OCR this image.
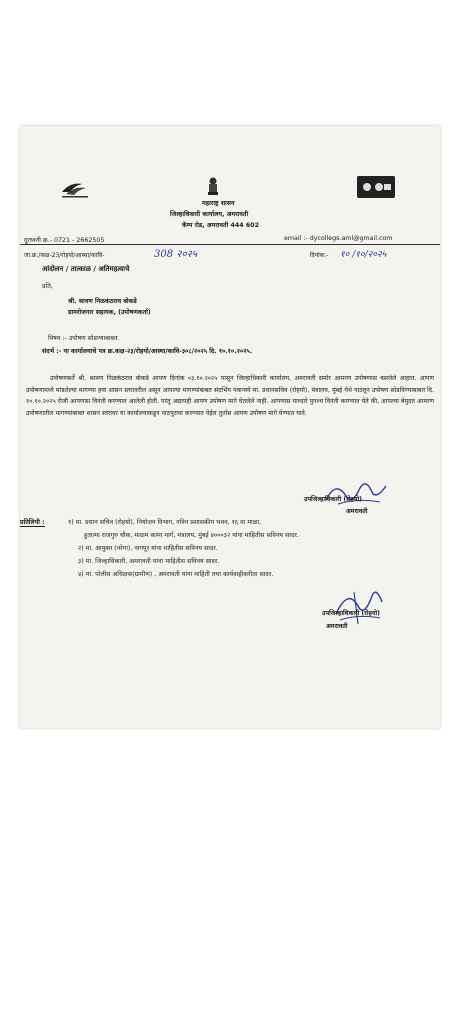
महाराष्ट्र शासन
जिल्हाधिकारी कार्यालय, अमरावती
कॅम्प रोड, अमरावती 444 602
दुरध्वनी क्र.- 0721 - 2662505	email :- dycollegs.aml@gmail.com
जा.क्र./कक्ष-23/रोहयो/आस्था/कावि-	308 २०२५	दिनांक:- १० /१०/२०२५
आंदोलन / तात्काळ / अतिमहत्वाचे
प्रति,
श्री. श्रावण निळकंठराव बोकडे
ग्रामरोजगार सहायक, (उपोषणकर्ता)
विषय :- उपोषण सोडण्याबाबत.
संदर्भ :- या कार्यालयाचे पत्र क्र.कक्ष-२३/रोहयो/आस्था/कावि-३०८/२०२५ दि. १०.१०.२०२५.
उपोषणकर्ते श्री. श्रावण निळकंठराव बोकडे आपण दिनांक ०३.१०.२०२५ पासून जिल्हाधिकारी कार्यालय, अमरावती समोर आमरण उपोषणास बसलेले आहात. आपण उपोषणामध्ये मांडलेल्या मागण्या हया शासन स्तरावरील असून आपल्या मागण्यांबाबत संदर्भिय पत्रान्वये मा. प्रधानसचिव (रोहयो), मंत्रालय, मुंबई येथे पाठवून उपोषण सोडविण्याबाबत दि. १०.१०.२०२५ रोजी आपणास विनंती करण्यात आलेली होती. परंतु अद्यापही आपण उपोषण मागे घेतलेले नाही. आपणास याव्दारे पुनश्च विनंती करण्यात येते की, आपल्या बेमुदत आमरण उपोषणातील मागण्यांबाबत शासन स्तरावर या कार्यालयाकडून पाठपुरावा करण्यात येईल तुर्तास आपण उपोषण मागे घेण्यात यावे.
उपजिल्हाधिकारी (रोहयो)
अमरावती
प्रतिलिपी :	१) मा. प्रधान सचिव (रोहयो), नियोजन विभाग, नविन प्रशासकीय भवन, १६ वा माळा,
हुतात्मा राजगुरु चौक, मादाम कामा मार्ग, मंत्रालय, मुंबई ४०००३२ यांना माहितीस सविनय सादर.
२) मा. आयुक्त (नरेगा), नागपूर यांना माहितीस सविनय सादर.
३) मा. जिल्हाधिकारी, अमरावती यांना माहितीस सविनय सादर.
४) मा. पोलीस अधिक्षक(ग्रामीण) , अमरावती यांना माहिती तथा कार्यवाहीकरीता सादर.
उपजिल्हाधिकारी (रोहयो)
अमरावती
